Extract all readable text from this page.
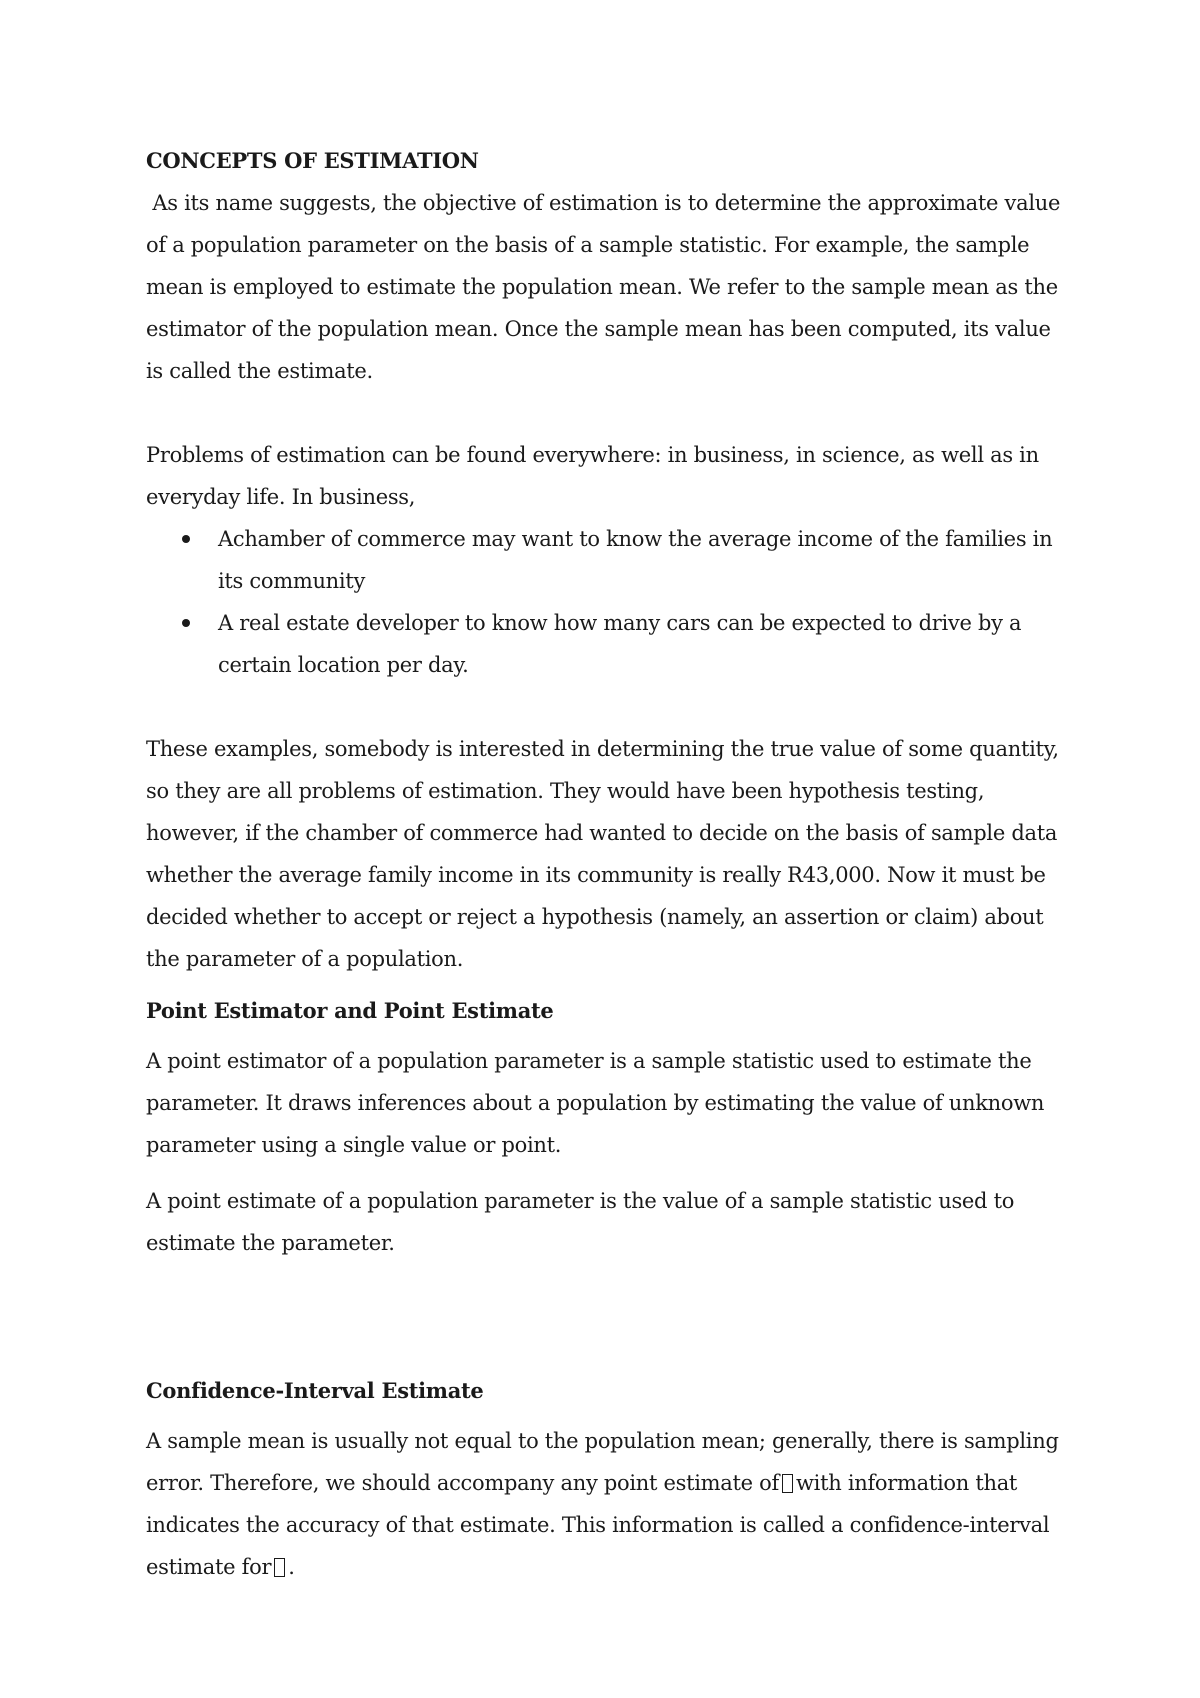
CONCEPTS OF ESTIMATION

As its name suggests, the objective of estimation is to determine the approximate value of a population parameter on the basis of a sample statistic. For example, the sample mean is employed to estimate the population mean. We refer to the sample mean as the estimator of the population mean. Once the sample mean has been computed, its value is called the estimate.

Problems of estimation can be found everywhere: in business, in science, as well as in everyday life. In business,

Achamber of commerce may want to know the average income of the families in its community
A real estate developer to know how many cars can be expected to drive by a certain location per day.

These examples, somebody is interested in determining the true value of some quantity, so they are all problems of estimation. They would have been hypothesis testing, however, if the chamber of commerce had wanted to decide on the basis of sample data whether the average family income in its community is really R43,000. Now it must be decided whether to accept or reject a hypothesis (namely, an assertion or claim) about the parameter of a population.

Point Estimator and Point Estimate

A point estimator of a population parameter is a sample statistic used to estimate the parameter. It draws inferences about a population by estimating the value of unknown parameter using a single value or point.

A point estimate of a population parameter is the value of a sample statistic used to estimate the parameter.

Confidence-Interval Estimate

A sample mean is usually not equal to the population mean; generally, there is sampling error. Therefore, we should accompany any point estimate of with information that indicates the accuracy of that estimate. This information is called a confidence-interval estimate for .
